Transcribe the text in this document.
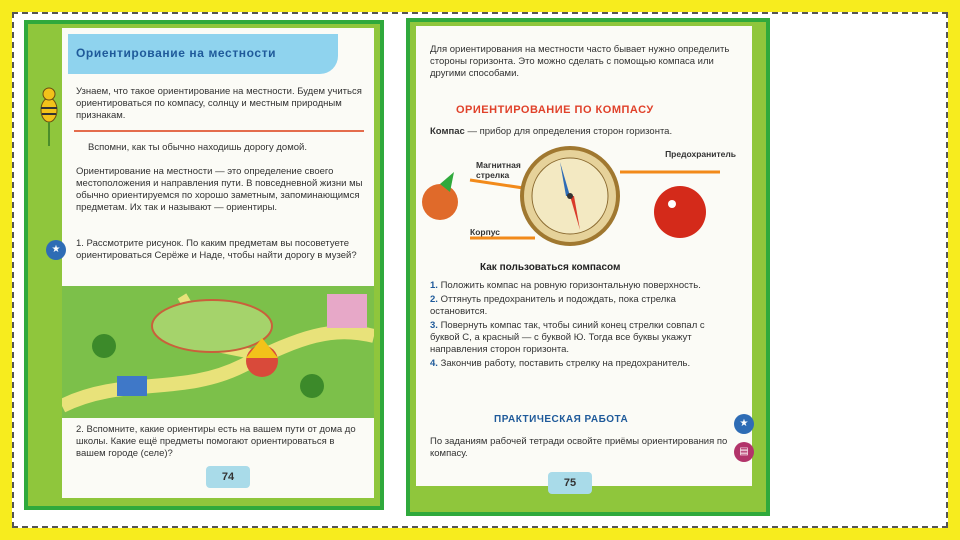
Ориентирование на местности

Узнаем, что такое ориентирование на местности. Будем учиться ориентироваться по компасу, солнцу и местным природным признакам.

Вспомни, как ты обычно находишь дорогу домой.

Ориентирование на местности — это определение своего местоположения и направления пути. В повседневной жизни мы обычно ориентируемся по хорошо заметным, запоминающимся предметам. Их так и называют — ориентиры.

★

1. Рассмотрите рисунок. По каким предметам вы посоветуете ориентироваться Серёже и Наде, чтобы найти дорогу в музей?

2. Вспомните, какие ориентиры есть на вашем пути от дома до школы. Какие ещё предметы помогают ориентироваться в вашем городе (селе)?

74

Для ориентирования на местности часто бывает нужно определить стороны горизонта. Это можно сделать с помощью компаса или другими способами.

ОРИЕНТИРОВАНИЕ ПО КОМПАСУ

Компас — прибор для определения сторон горизонта.

Магнитная стрелка
Предохранитель
Корпус
Как пользоваться компасом

1. Положить компас на ровную горизонтальную поверхность.

2. Оттянуть предохранитель и подождать, пока стрелка остановится.

3. Повернуть компас так, чтобы синий конец стрелки совпал с буквой С, а красный — с буквой Ю. Тогда все буквы укажут направления сторон горизонта.

4. Закончив работу, поставить стрелку на предохранитель.

ПРАКТИЧЕСКАЯ РАБОТА

По заданиям рабочей тетради освойте приёмы ориентирования по компасу.

★
▤
75
